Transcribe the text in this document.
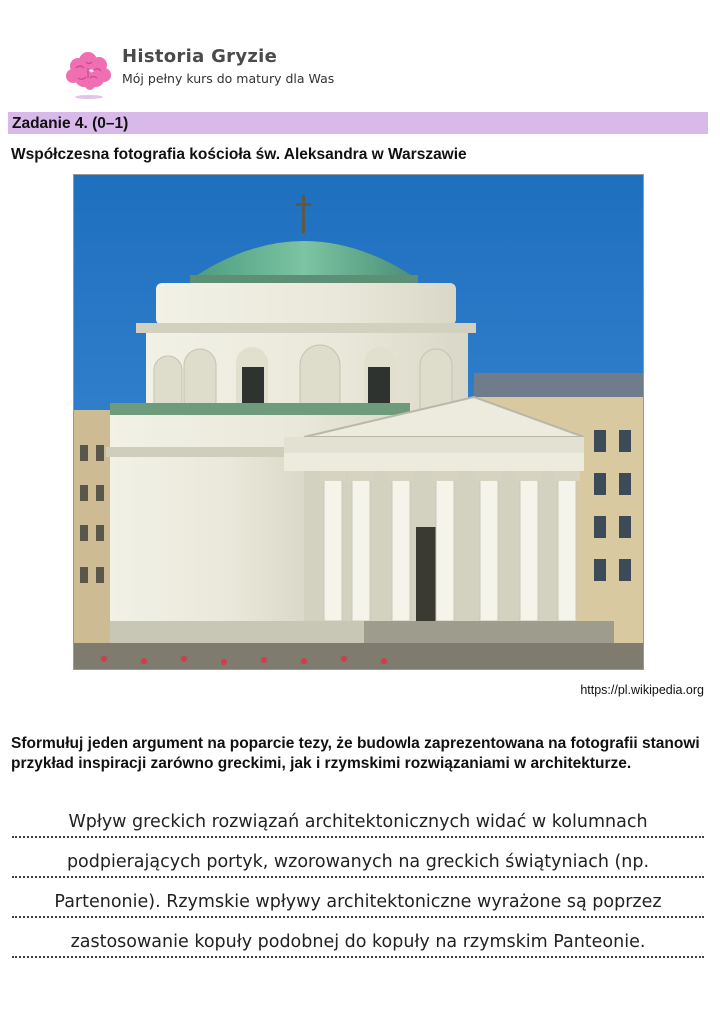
Historia Gryzie
Mój pełny kurs do matury dla Was
Zadanie 4. (0–1)
Współczesna fotografia kościoła św. Aleksandra w Warszawie
https://pl.wikipedia.org
Sformułuj jeden argument na poparcie tezy, że budowla zaprezentowana na fotografii stanowi przykład inspiracji zarówno greckimi, jak i rzymskimi rozwiązaniami w architekturze.
Wpływ greckich rozwiązań architektonicznych widać w kolumnach
podpierających portyk, wzorowanych na greckich świątyniach (np.
Partenonie). Rzymskie wpływy architektoniczne wyrażone są poprzez
zastosowanie kopuły podobnej do kopuły na rzymskim Panteonie.
